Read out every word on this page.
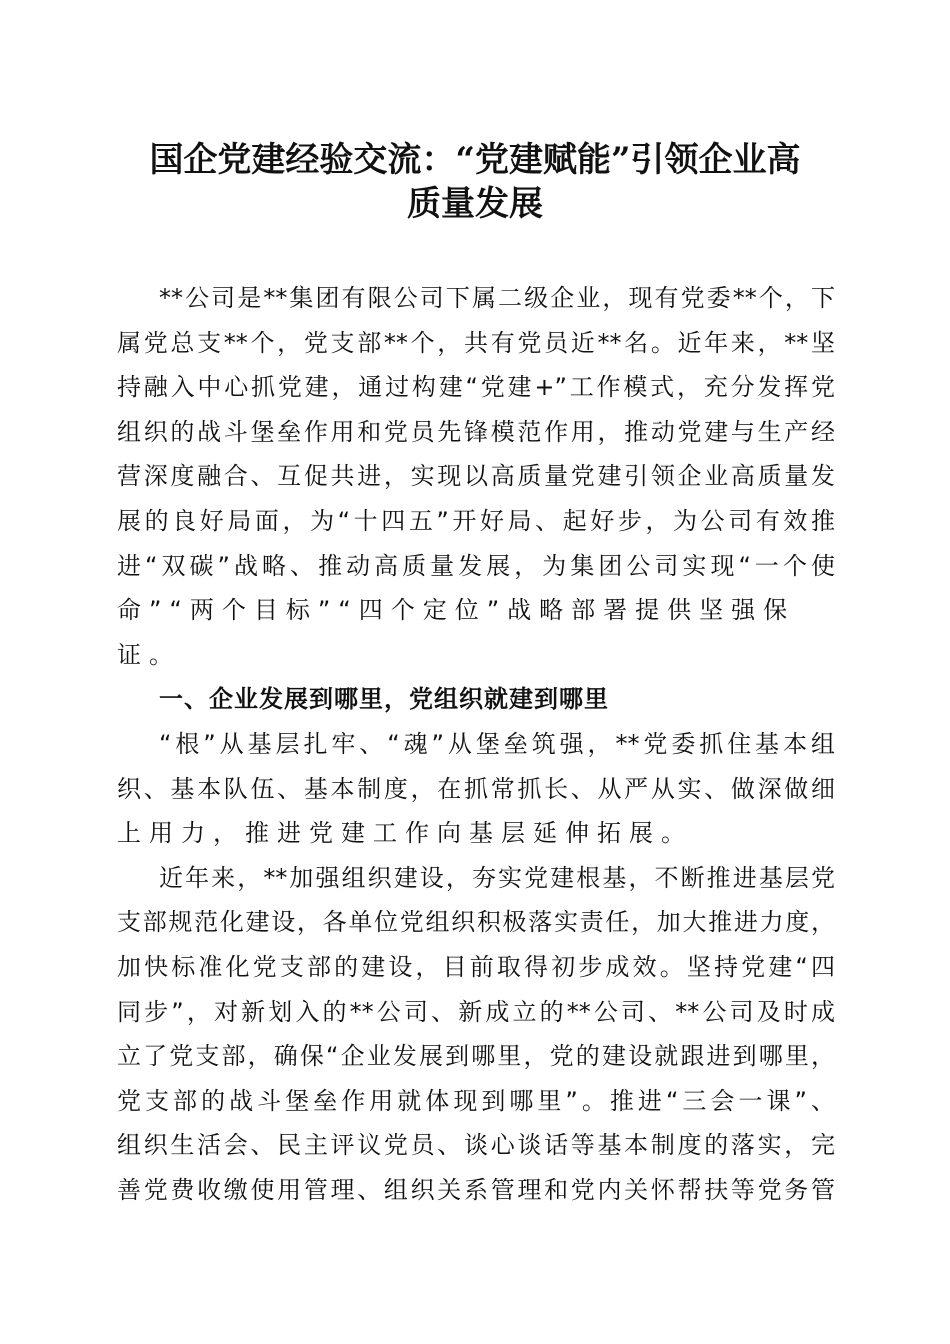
国企党建经验交流：“党建赋能”引领企业高
质量发展
**公司是**集团有限公司下属二级企业，现有党委**个，下
属党总支**个，党支部**个，共有党员近**名。近年来，**坚
持融入中心抓党建，通过构建“党建+”工作模式，充分发挥党
组织的战斗堡垒作用和党员先锋模范作用，推动党建与生产经
营深度融合、互促共进，实现以高质量党建引领企业高质量发
展的良好局面，为“十四五”开好局、起好步，为公司有效推
进“双碳”战略、推动高质量发展，为集团公司实现“一个使
命”“两个目标”“四个定位”战略部署提供坚强保证。
一、企业发展到哪里，党组织就建到哪里
“根”从基层扎牢、“魂”从堡垒筑强，**党委抓住基本组
织、基本队伍、基本制度，在抓常抓长、从严从实、做深做细
上用力，推进党建工作向基层延伸拓展。
近年来，**加强组织建设，夯实党建根基，不断推进基层党
支部规范化建设，各单位党组织积极落实责任，加大推进力度，
加快标准化党支部的建设，目前取得初步成效。坚持党建“四
同步”，对新划入的**公司、新成立的**公司、**公司及时成
立了党支部，确保“企业发展到哪里，党的建设就跟进到哪里，
党支部的战斗堡垒作用就体现到哪里”。推进“三会一课”、
组织生活会、民主评议党员、谈心谈话等基本制度的落实，完
善党费收缴使用管理、组织关系管理和党内关怀帮扶等党务管
